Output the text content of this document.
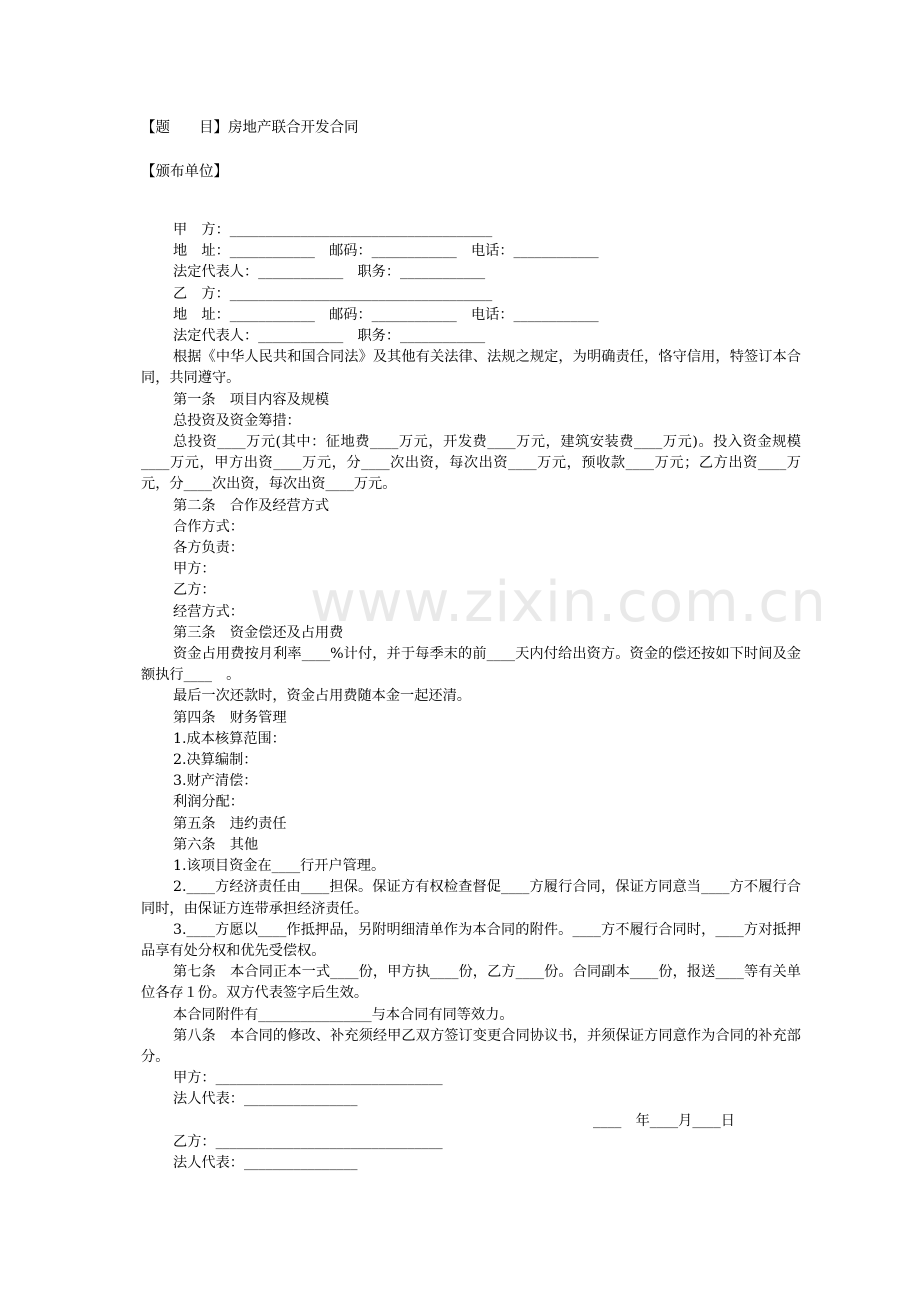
【题　　目】房地产联合开发合同
【颁布单位】
www.zixin.com.cn

甲　方：_____________________________________

地　址：____________　邮码：____________　电话：____________

法定代表人：____________　职务：____________

乙　方：_____________________________________

地　址：____________　邮码：____________　电话：____________

法定代表人：____________　职务：____________

根据《中华人民共和国合同法》及其他有关法律、法规之规定，为明确责任，恪守信用，特签订本合同，共同遵守。

第一条　项目内容及规模

总投资及资金筹措：

总投资____万元(其中：征地费____万元，开发费____万元，建筑安装费____万元)。投入资金规模____万元，甲方出资____万元，分____次出资，每次出资____万元，预收款____万元；乙方出资____万元，分____次出资，每次出资____万元。

第二条　合作及经营方式

合作方式：

各方负责：

甲方：

乙方：

经营方式：

第三条　资金偿还及占用费

资金占用费按月利率____%计付，并于每季末的前____天内付给出资方。资金的偿还按如下时间及金额执行____　。

最后一次还款时，资金占用费随本金一起还清。

第四条　财务管理

1.成本核算范围：

2.决算编制：

3.财产清偿：

利润分配：

第五条　违约责任

第六条　其他

1.该项目资金在____行开户管理。

2.____方经济责任由____担保。保证方有权检查督促____方履行合同，保证方同意当____方不履行合同时，由保证方连带承担经济责任。

3.____方愿以____作抵押品，另附明细清单作为本合同的附件。____方不履行合同时，____方对抵押品享有处分权和优先受偿权。

第七条　本合同正本一式____份，甲方执____份，乙方____份。合同副本____份，报送____等有关单位各存１份。双方代表签字后生效。

本合同附件有________________与本合同有同等效力。

第八条　本合同的修改、补充须经甲乙双方签订变更合同协议书，并须保证方同意作为合同的补充部分。

甲方：________________________________

法人代表：________________

____　年____月____日

乙方：________________________________

法人代表：________________
